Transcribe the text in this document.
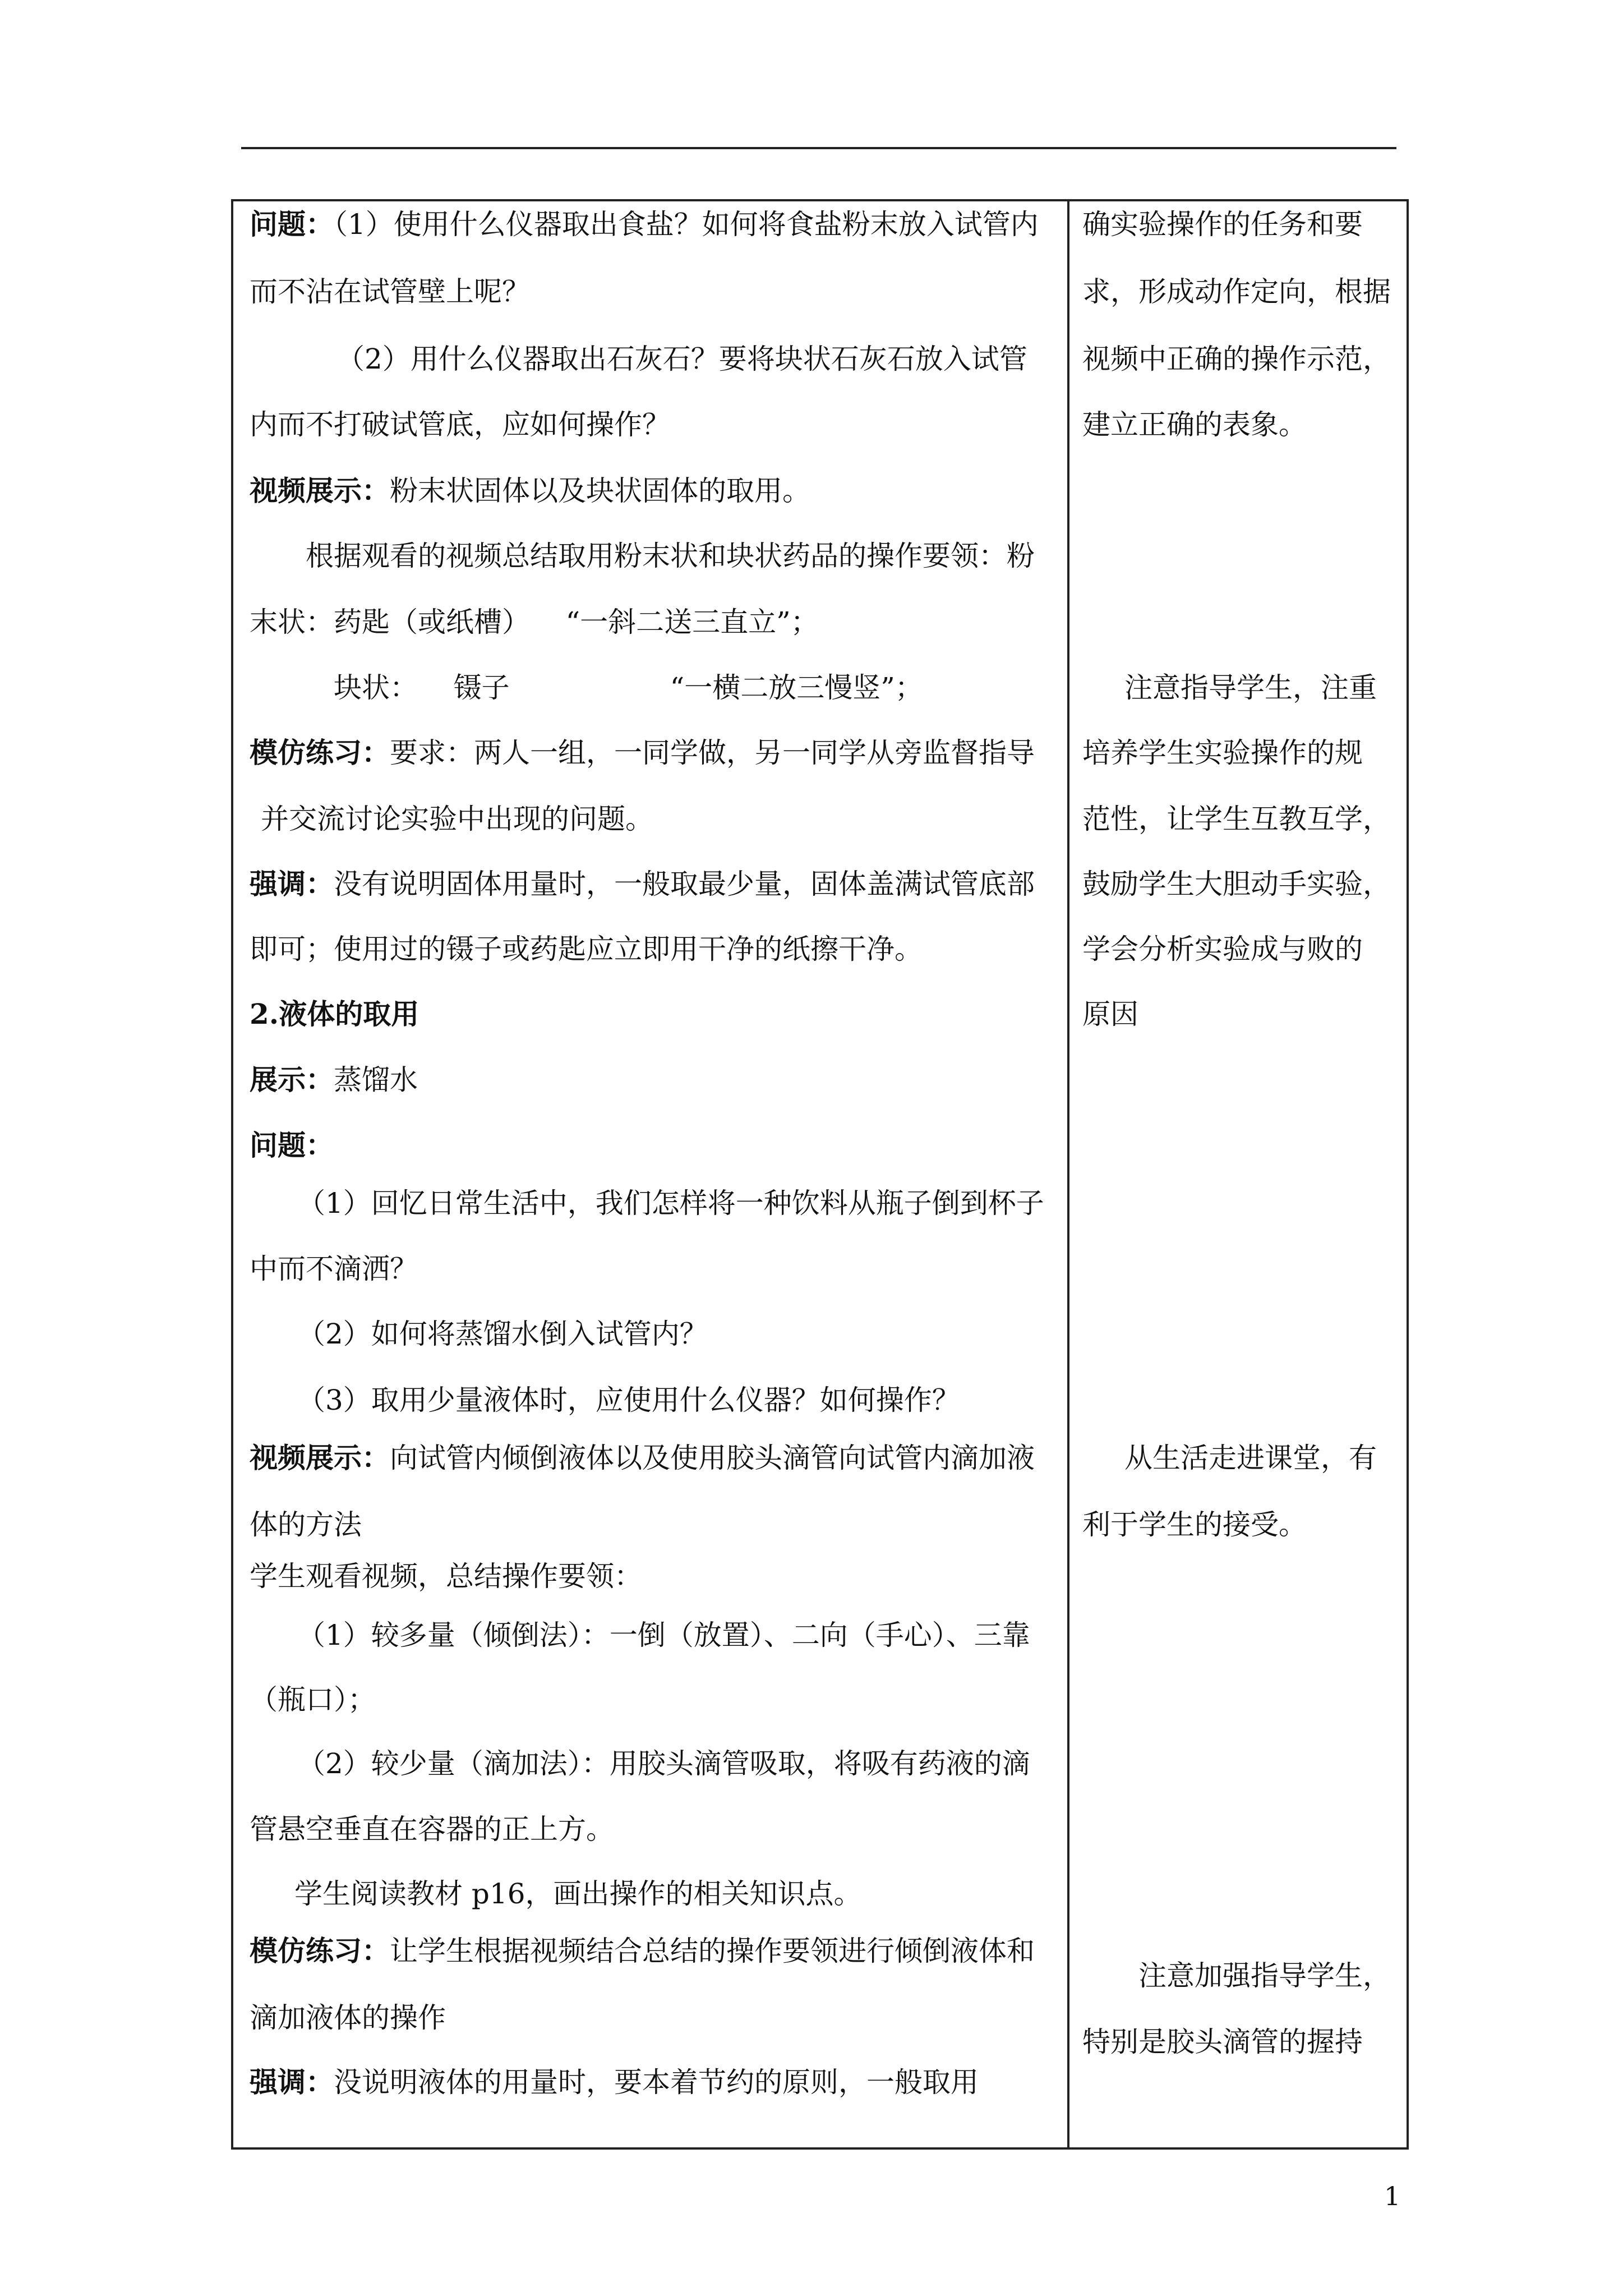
问题：（1）使用什么仪器取出食盐？如何将食盐粉末放入试管内
而不沾在试管壁上呢？
（2）用什么仪器取出石灰石？要将块状石灰石放入试管
内而不打破试管底，应如何操作？
视频展示：粉末状固体以及块状固体的取用。
根据观看的视频总结取用粉末状和块状药品的操作要领：粉
末状：药匙（或纸槽）    “一斜二送三直立”；
块状：    镊子                  “一横二放三慢竖”；
模仿练习：要求：两人一组，一同学做，另一同学从旁监督指导
并交流讨论实验中出现的问题。
强调：没有说明固体用量时，一般取最少量，固体盖满试管底部
即可；使用过的镊子或药匙应立即用干净的纸擦干净。
2.液体的取用
展示：蒸馏水
问题：
（1）回忆日常生活中，我们怎样将一种饮料从瓶子倒到杯子
中而不滴洒？
（2）如何将蒸馏水倒入试管内？
（3）取用少量液体时，应使用什么仪器？如何操作？
视频展示：向试管内倾倒液体以及使用胶头滴管向试管内滴加液
体的方法
学生观看视频，总结操作要领：
（1）较多量（倾倒法）：一倒（放置）、二向（手心）、三靠
（瓶口）；
（2）较少量（滴加法）：用胶头滴管吸取，将吸有药液的滴
管悬空垂直在容器的正上方。
学生阅读教材 p16，画出操作的相关知识点。
模仿练习：让学生根据视频结合总结的操作要领进行倾倒液体和
滴加液体的操作
强调：没说明液体的用量时，要本着节约的原则，一般取用
确实验操作的任务和要
求，形成动作定向，根据
视频中正确的操作示范，
建立正确的表象。
注意指导学生，注重
培养学生实验操作的规
范性，让学生互教互学，
鼓励学生大胆动手实验，
学会分析实验成与败的
原因
从生活走进课堂，有
利于学生的接受。
注意加强指导学生，
特别是胶头滴管的握持
1
